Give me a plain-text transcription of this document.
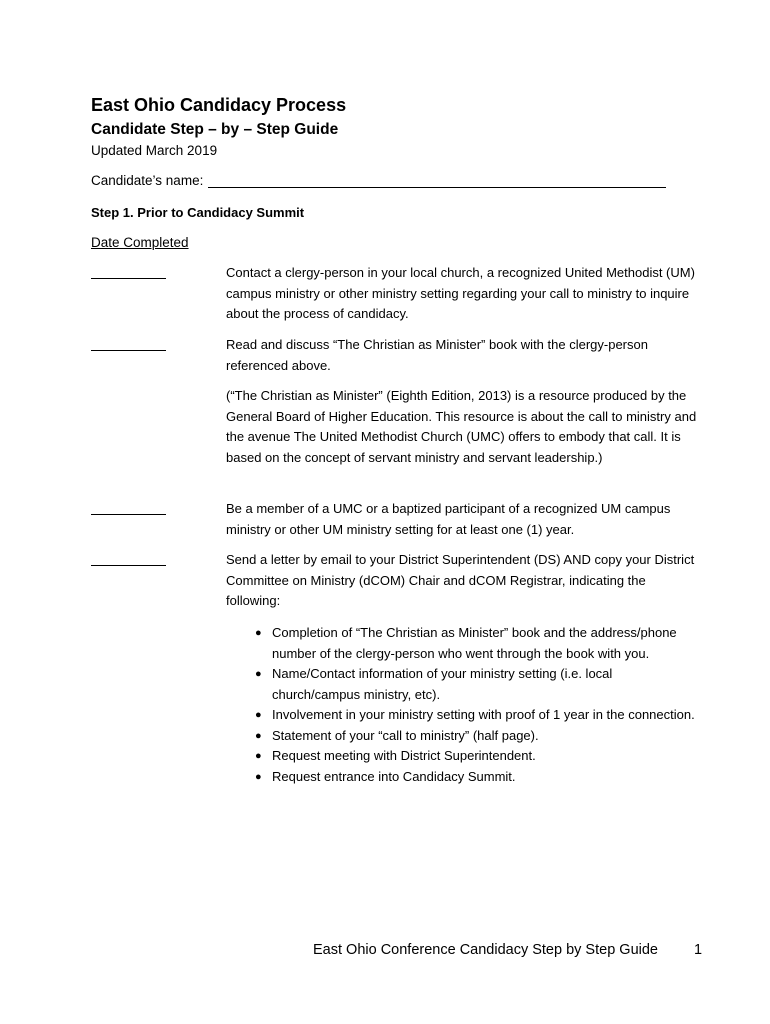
East Ohio Candidacy Process
Candidate Step – by – Step Guide
Updated March 2019
Candidate’s name:
Step 1. Prior to Candidacy Summit
Date Completed
Contact a clergy-person in your local church, a recognized United Methodist (UM) campus ministry or other ministry setting regarding your call to ministry to inquire about the process of candidacy.
Read and discuss “The Christian as Minister” book with the clergy-person referenced above.
(“The Christian as Minister” (Eighth Edition, 2013) is a resource produced by the General Board of Higher Education. This resource is about the call to ministry and the avenue The United Methodist Church (UMC) offers to embody that call. It is based on the concept of servant ministry and servant leadership.)
Be a member of a UMC or a baptized participant of a recognized UM campus ministry or other UM ministry setting for at least one (1) year.
Send a letter by email to your District Superintendent (DS) AND copy your District Committee on Ministry (dCOM) Chair and dCOM Registrar, indicating the following:
● Completion of “The Christian as Minister” book and the address/phone number of the clergy-person who went through the book with you.
● Name/Contact information of your ministry setting (i.e. local church/campus ministry, etc).
● Involvement in your ministry setting with proof of 1 year in the connection.
● Statement of your “call to ministry” (half page).
● Request meeting with District Superintendent.
● Request entrance into Candidacy Summit.
East Ohio Conference Candidacy Step by Step Guide 1
